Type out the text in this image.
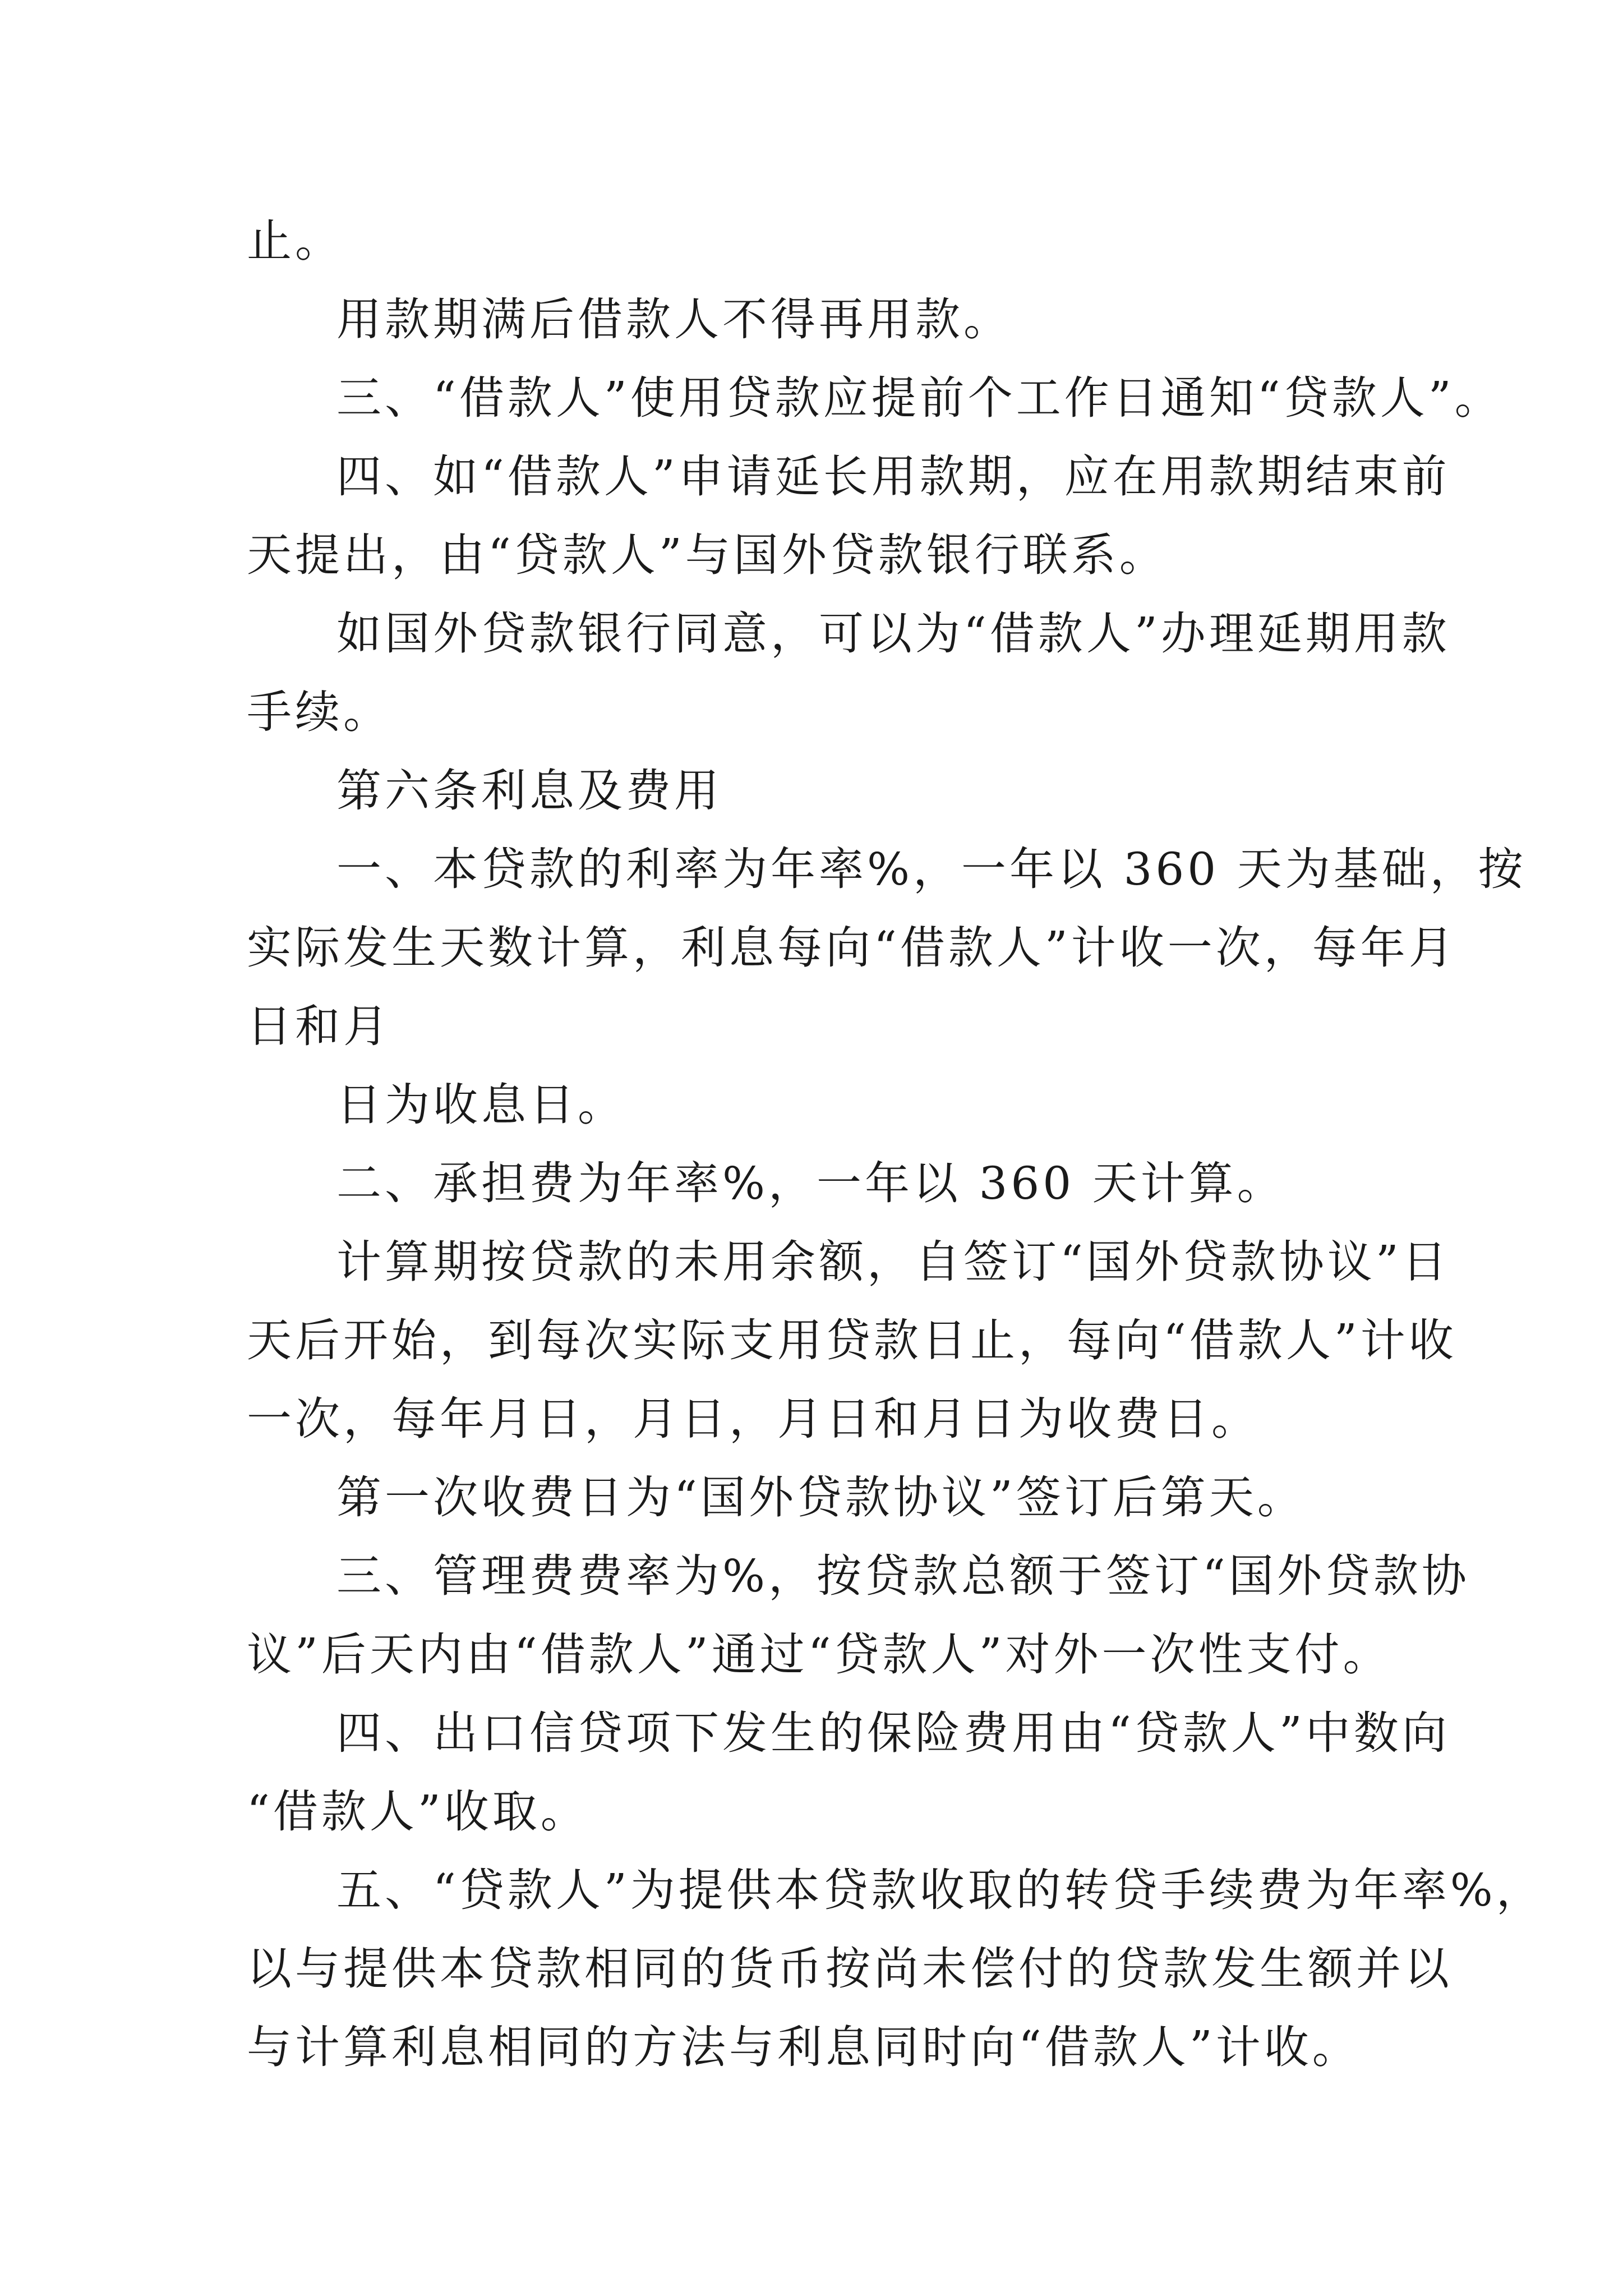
止。
用款期满后借款人不得再用款。
三、“借款人”使用贷款应提前个工作日通知“贷款人”。
四、如“借款人”申请延长用款期，应在用款期结束前
天提出，由“贷款人”与国外贷款银行联系。
如国外贷款银行同意，可以为“借款人”办理延期用款
手续。
第六条利息及费用
一、本贷款的利率为年率%，一年以 360 天为基础，按
实际发生天数计算，利息每向“借款人”计收一次，每年月
日和月
日为收息日。
二、承担费为年率%，一年以 360 天计算。
计算期按贷款的未用余额，自签订“国外贷款协议”日
天后开始，到每次实际支用贷款日止，每向“借款人”计收
一次，每年月日，月日，月日和月日为收费日。
第一次收费日为“国外贷款协议”签订后第天。
三、管理费费率为%，按贷款总额于签订“国外贷款协
议”后天内由“借款人”通过“贷款人”对外一次性支付。
四、出口信贷项下发生的保险费用由“贷款人”中数向
“借款人”收取。
五、“贷款人”为提供本贷款收取的转贷手续费为年率%，
以与提供本贷款相同的货币按尚未偿付的贷款发生额并以
与计算利息相同的方法与利息同时向“借款人”计收。
